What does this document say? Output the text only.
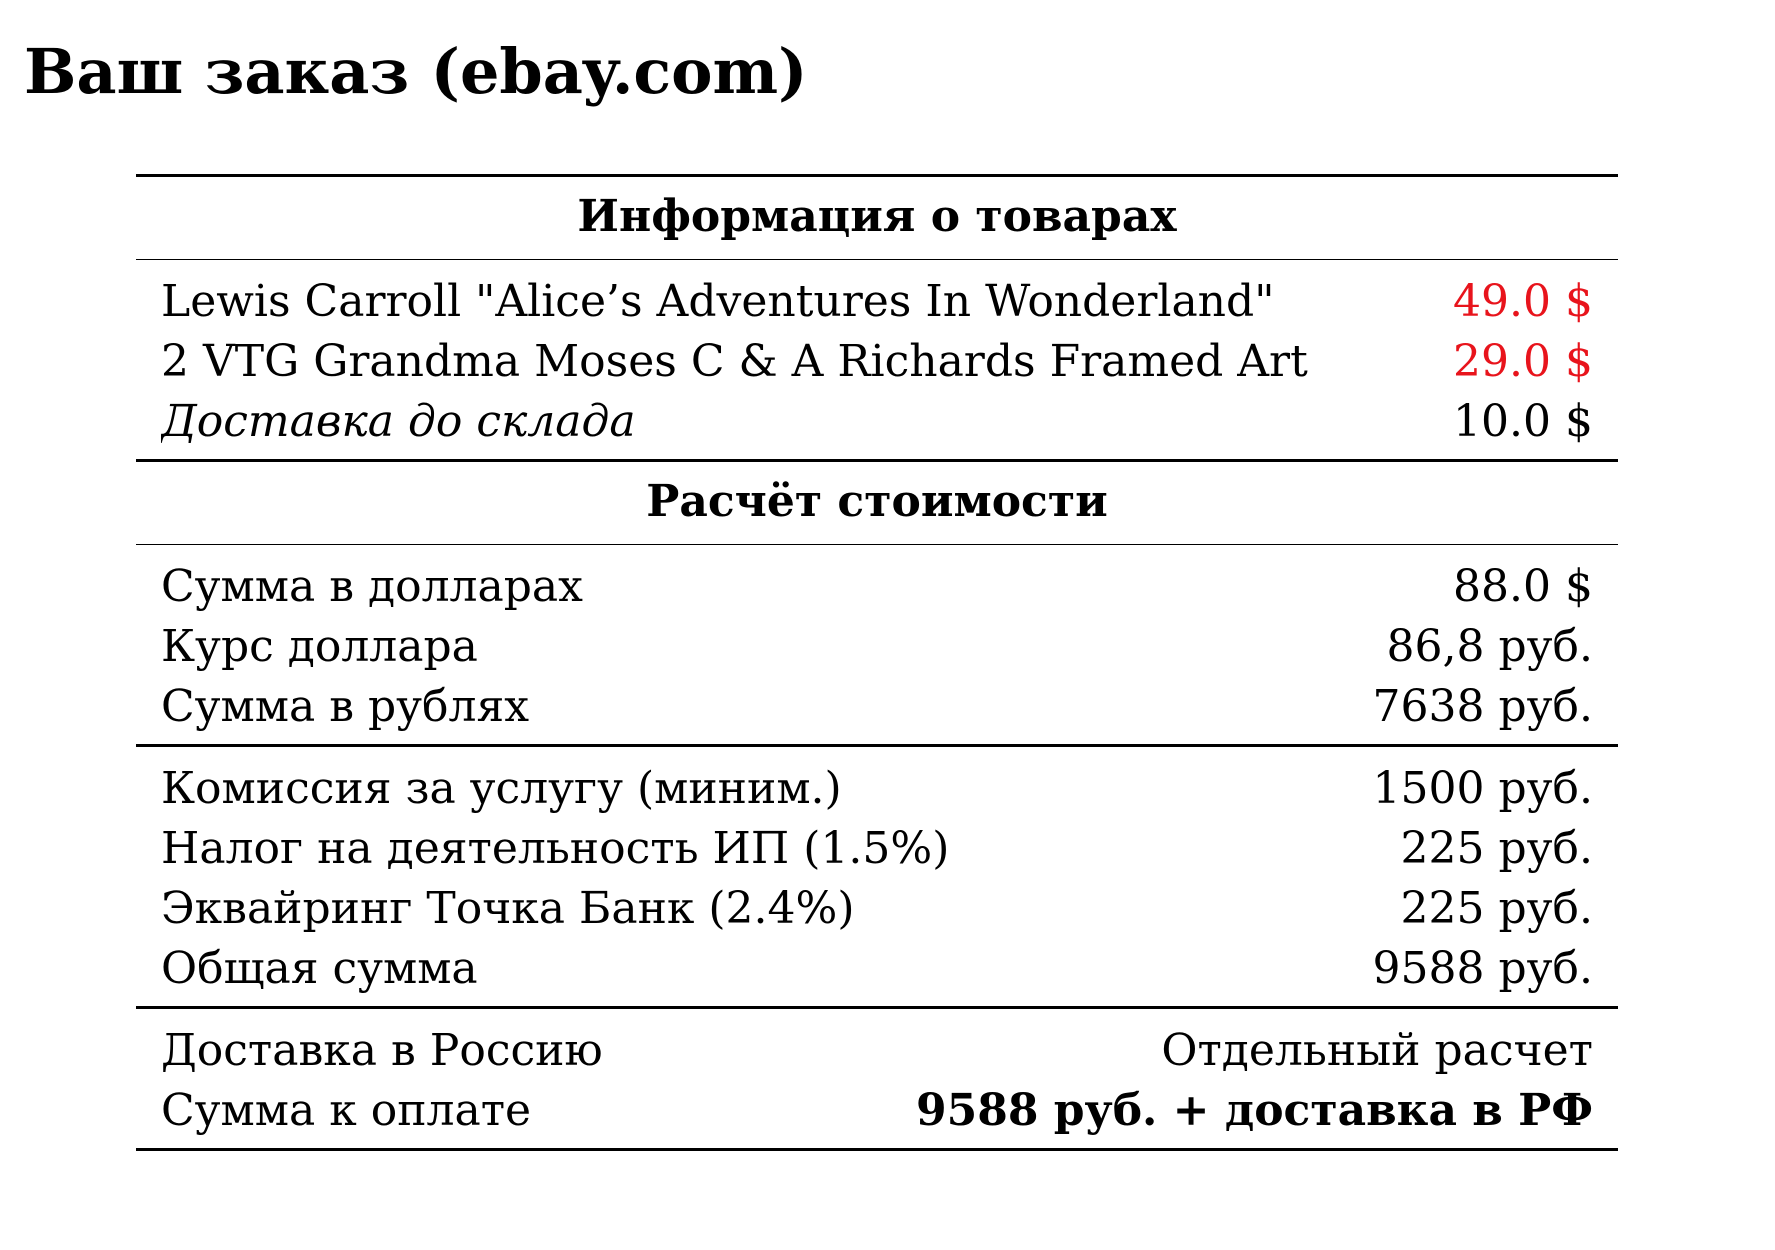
Ваш заказ (ebay.com)
Информация о товарах
Lewis Carroll "Alice’s Adventures In Wonderland"	49.0 $
2 VTG Grandma Moses C & A Richards Framed Art	29.0 $
Доставка до склада	10.0 $
Расчёт стоимости
Сумма в долларах	88.0 $
Курс доллара	86,8 руб.
Сумма в рублях	7638 руб.
Комиссия за услугу (миним.)	1500 руб.
Налог на деятельность ИП (1.5%)	225 руб.
Эквайринг Точка Банк (2.4%)	225 руб.
Общая сумма	9588 руб.
Доставка в Россию	Отдельный расчет
Сумма к оплате	9588 руб. + доставка в РФ
